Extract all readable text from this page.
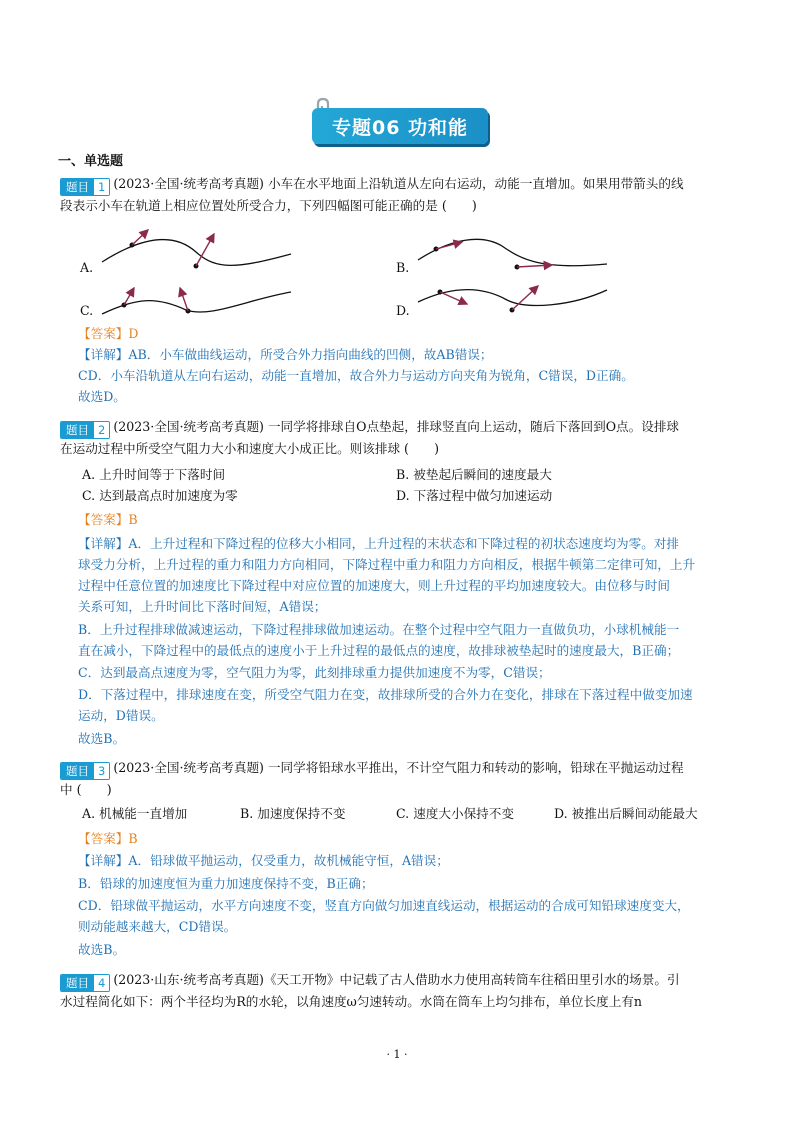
专题06 功和能
一、单选题
题目 1 (2023·全国·统考高考真题) 小车在水平地面上沿轨道从左向右运动，动能一直增加。如果用带箭头的线
段表示小车在轨道上相应位置处所受合力，下列四幅图可能正确的是 (　　)
A.	B.
C.	D.
【答案】D
【详解】AB．小车做曲线运动，所受合外力指向曲线的凹侧，故AB错误；
CD．小车沿轨道从左向右运动，动能一直增加，故合外力与运动方向夹角为锐角，C错误，D正确。
故选D。
题目 2 (2023·全国·统考高考真题) 一同学将排球自O点垫起，排球竖直向上运动，随后下落回到O点。设排球
在运动过程中所受空气阻力大小和速度大小成正比。则该排球 (　　)
A. 上升时间等于下落时间	B. 被垫起后瞬间的速度最大
C. 达到最高点时加速度为零	D. 下落过程中做匀加速运动
【答案】B
【详解】A．上升过程和下降过程的位移大小相同，上升过程的末状态和下降过程的初状态速度均为零。对排
球受力分析，上升过程的重力和阻力方向相同，下降过程中重力和阻力方向相反，根据牛顿第二定律可知，上升
过程中任意位置的加速度比下降过程中对应位置的加速度大，则上升过程的平均加速度较大。由位移与时间
关系可知，上升时间比下落时间短，A错误；
B．上升过程排球做减速运动，下降过程排球做加速运动。在整个过程中空气阻力一直做负功，小球机械能一
直在减小，下降过程中的最低点的速度小于上升过程的最低点的速度，故排球被垫起时的速度最大，B正确；
C．达到最高点速度为零，空气阻力为零，此刻排球重力提供加速度不为零，C错误；
D．下落过程中，排球速度在变，所受空气阻力在变，故排球所受的合外力在变化，排球在下落过程中做变加速
运动，D错误。
故选B。
题目 3 (2023·全国·统考高考真题) 一同学将铅球水平推出，不计空气阻力和转动的影响，铅球在平抛运动过程
中 (　　)
A. 机械能一直增加	B. 加速度保持不变	C. 速度大小保持不变	D. 被推出后瞬间动能最大
【答案】B
【详解】A．铅球做平抛运动，仅受重力，故机械能守恒，A错误；
B．铅球的加速度恒为重力加速度保持不变，B正确；
CD．铅球做平抛运动，水平方向速度不变，竖直方向做匀加速直线运动，根据运动的合成可知铅球速度变大，
则动能越来越大，CD错误。
故选B。
题目 4 (2023·山东·统考高考真题)《天工开物》中记载了古人借助水力使用高转筒车往稻田里引水的场景。引
水过程简化如下：两个半径均为R的水轮，以角速度ω匀速转动。水筒在筒车上均匀排布，单位长度上有n
· 1 ·
